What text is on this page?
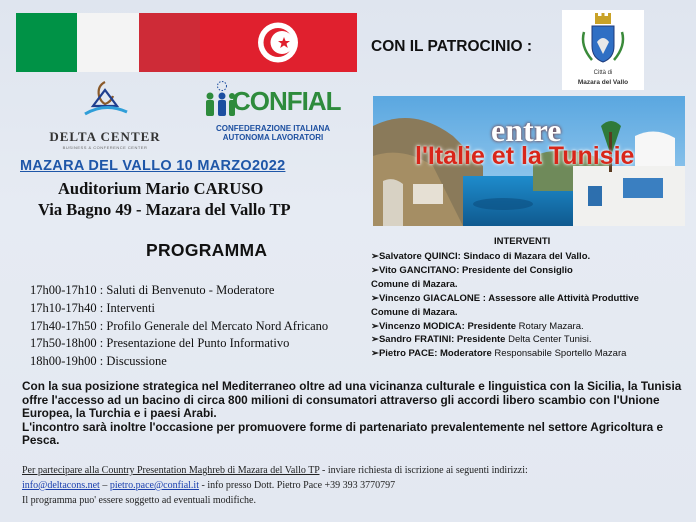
DELTA CENTER
BUSINESS & CONFERENCE CENTER
CONFIAL
CONFEDERAZIONE ITALIANA
AUTONOMA LAVORATORI
CON IL PATROCINIO :
Città di
Mazara del Vallo
entre
l'Italie et la Tunisie
MAZARA DEL VALLO 10 MARZO2022
Auditorium Mario CARUSO
Via Bagno 49 - Mazara del Vallo TP
PROGRAMMA
17h00-17h10 : Saluti di Benvenuto - Moderatore
17h10-17h40 : Interventi
17h40-17h50 : Profilo Generale del Mercato Nord Africano
17h50-18h00 : Presentazione del Punto Informativo
18h00-19h00 : Discussione
INTERVENTI
➢Salvatore QUINCI: Sindaco di Mazara del Vallo.
➢Vito GANCITANO: Presidente del Consiglio
Comune di Mazara.
➢Vincenzo GIACALONE : Assessore alle Attività Produttive
Comune di Mazara.
➢Vincenzo MODICA: Presidente Rotary Mazara.
➢Sandro FRATINI: Presidente Delta Center Tunisi.
➢Pietro PACE: Moderatore Responsabile Sportello Mazara
Con la sua posizione strategica nel Mediterraneo oltre ad una vicinanza culturale e linguistica con la Sicilia, la Tunisia offre l'accesso ad un bacino di circa 800 milioni di consumatori attraverso gli accordi libero scambio con l'Unione Europea, la Turchia e i paesi Arabi.
L'incontro sarà inoltre l'occasione per promuovere forme di partenariato prevalentemente nel settore Agricoltura e Pesca.
Per partecipare alla Country Presentation Maghreb di Mazara del Vallo TP - inviare richiesta di iscrizione ai seguenti indirizzi:
info@deltacons.net – pietro.pace@confial.it - info presso Dott. Pietro Pace +39 393 3770797
Il programma puo' essere soggetto ad eventuali modifiche.
